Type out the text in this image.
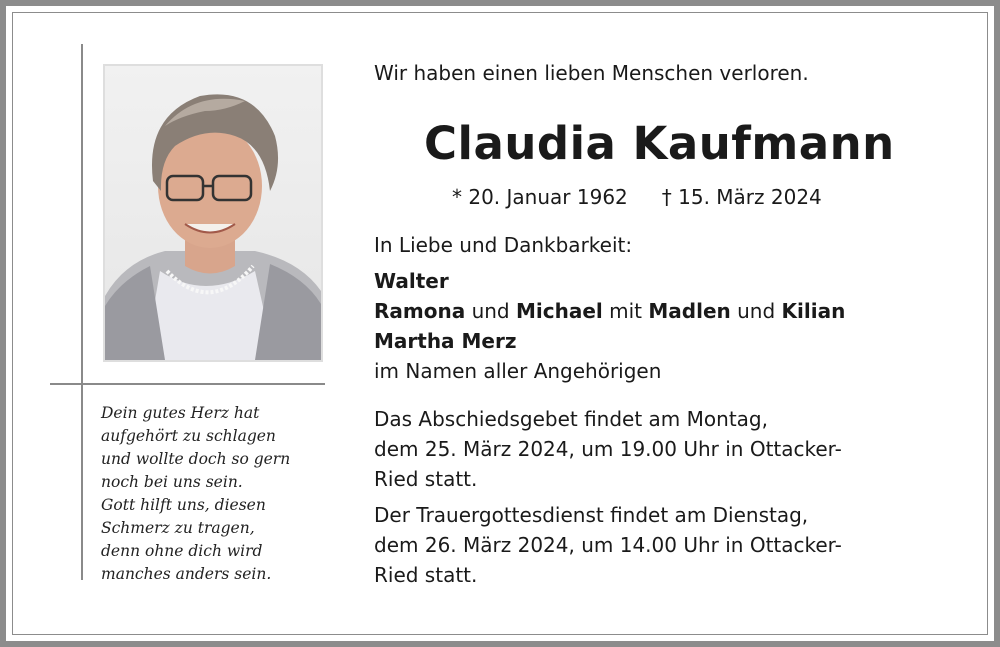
Dein gutes Herz hat
aufgehört zu schlagen
und wollte doch so gern
noch bei uns sein.
Gott hilft uns, diesen
Schmerz zu tragen,
denn ohne dich wird
manches anders sein.
Wir haben einen lieben Menschen verloren.
Claudia Kaufmann
* 20. Januar 1962 † 15. März 2024
In Liebe und Dankbarkeit:
Walter
Ramona und Michael mit Madlen und Kilian
Martha Merz
im Namen aller Angehörigen
Das Abschiedsgebet findet am Montag,
dem 25. März 2024, um 19.00 Uhr in Ottacker-
Ried statt.
Der Trauergottesdienst findet am Dienstag,
dem 26. März 2024, um 14.00 Uhr in Ottacker-
Ried statt.
